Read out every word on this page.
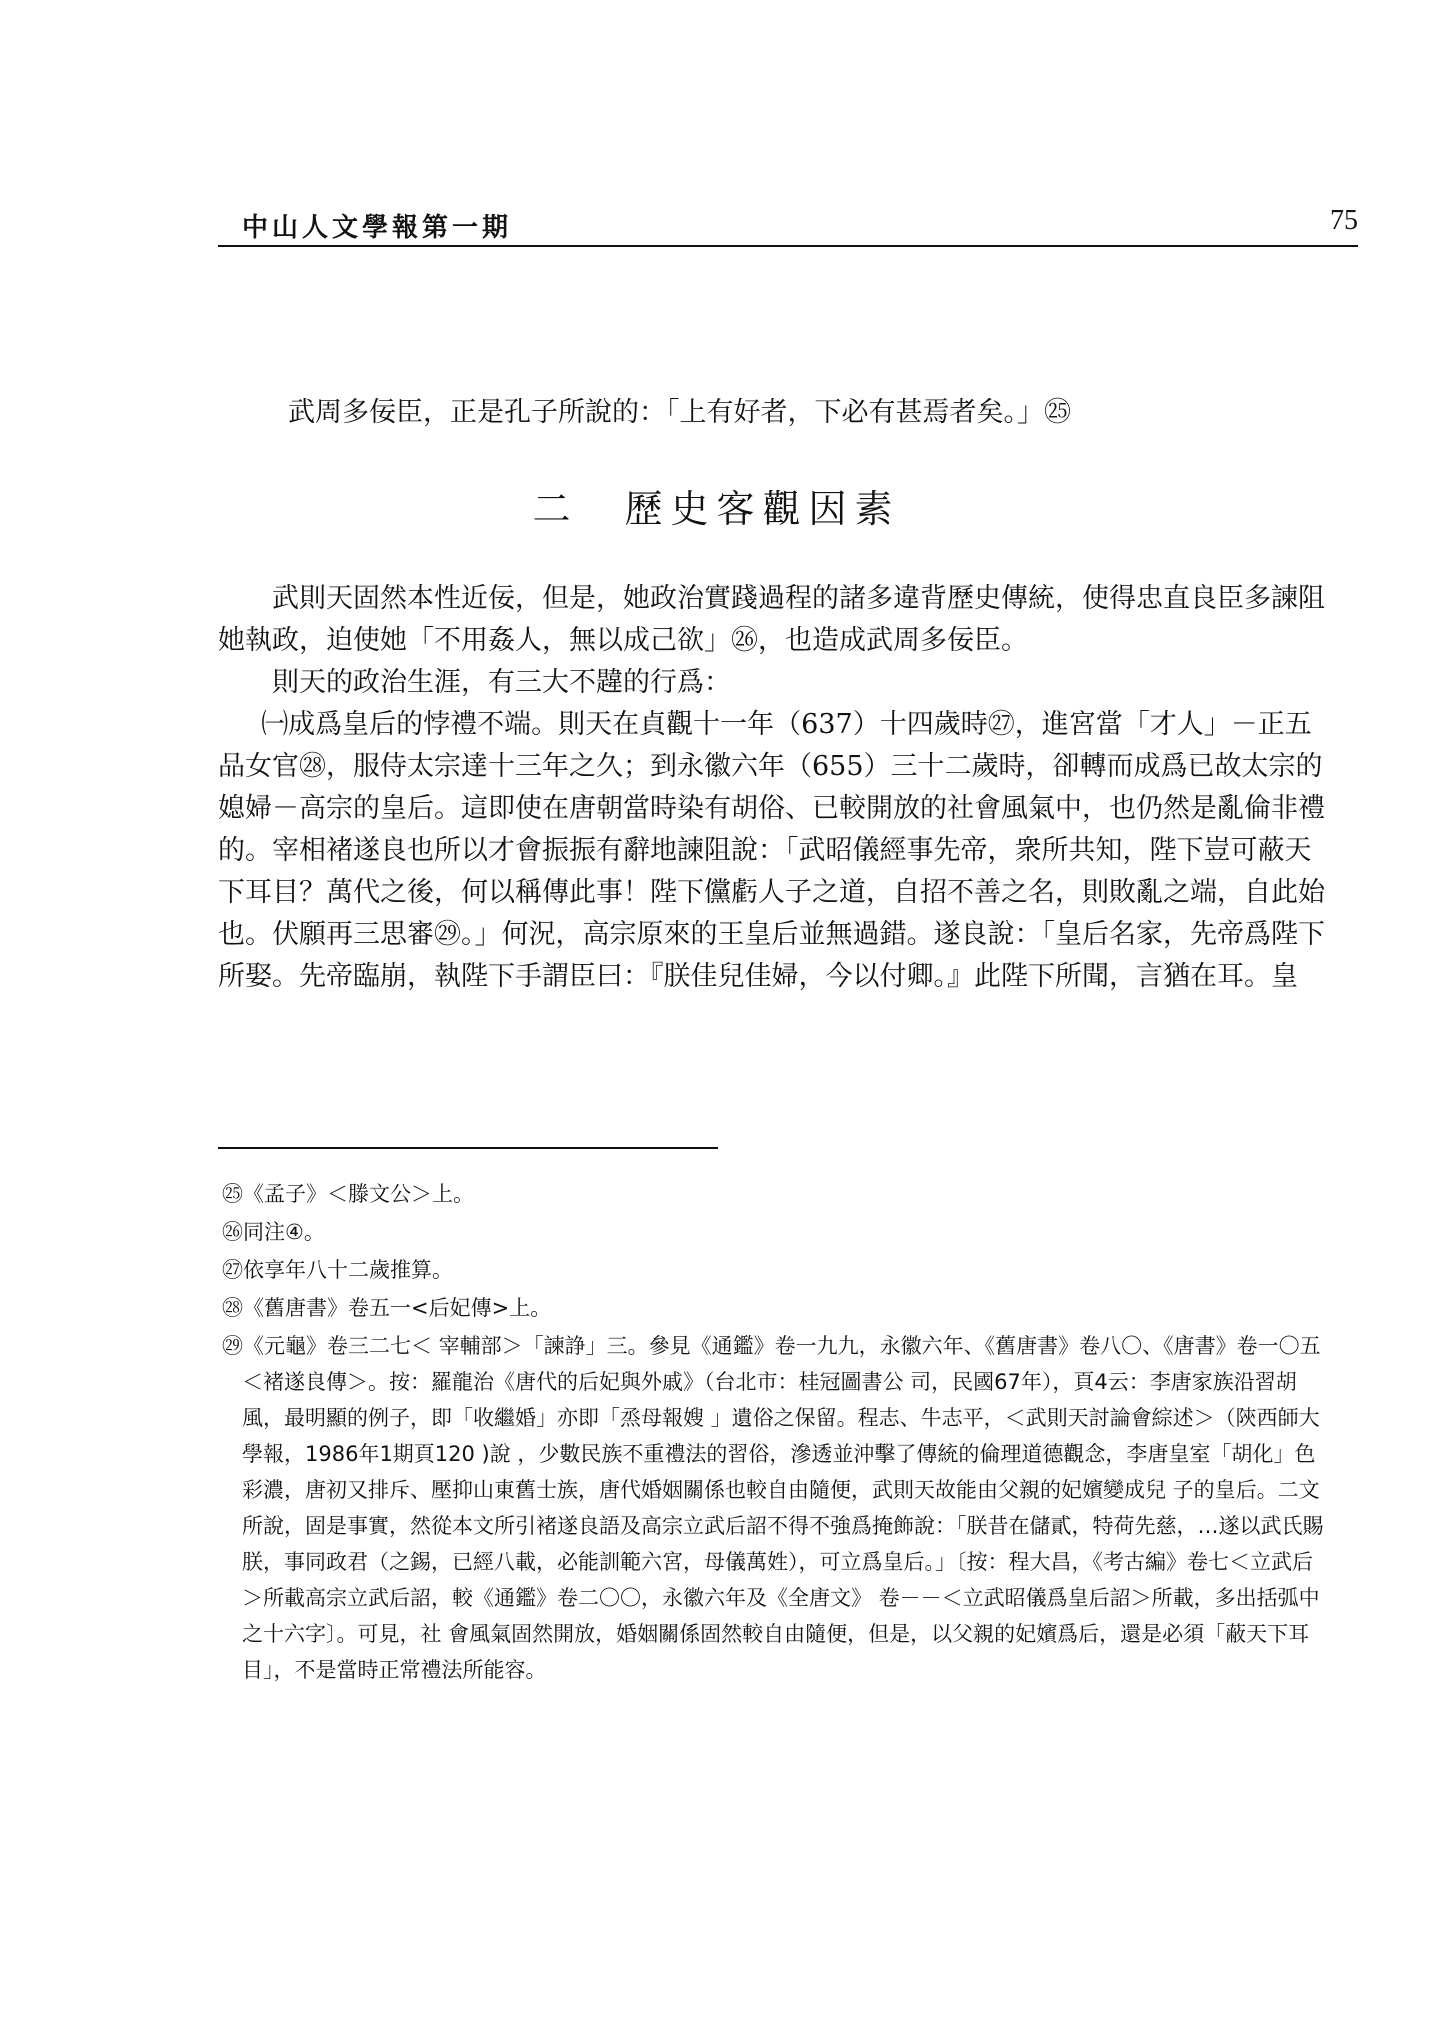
中山人文學報第一期	75
武周多佞臣，正是孔子所說的：「上有好者，下必有甚焉者矣。」㉕
二　歷史客觀因素

武則天固然本性近佞，但是，她政治實踐過程的諸多違背歷史傳統，使得忠直良臣多諫阻她執政，迫使她「不用姦人，無以成己欲」㉖，也造成武周多佞臣。

則天的政治生涯，有三大不韙的行爲：

㈠成爲皇后的悖禮不端。則天在貞觀十一年（637）十四歲時㉗，進宮當「才人」－正五品女官㉘，服侍太宗達十三年之久；到永徽六年（655）三十二歲時，卻轉而成爲已故太宗的媳婦－高宗的皇后。這即使在唐朝當時染有胡俗、已較開放的社會風氣中，也仍然是亂倫非禮的。宰相褚遂良也所以才會振振有辭地諫阻說：「武昭儀經事先帝，衆所共知，陛下豈可蔽天下耳目？萬代之後，何以稱傳此事！陛下儻虧人子之道，自招不善之名，則敗亂之端，自此始也。伏願再三思審㉙。」何況，高宗原來的王皇后並無過錯。遂良說：「皇后名家，先帝爲陛下所娶。先帝臨崩，執陛下手謂臣曰：『朕佳兒佳婦，今以付卿。』此陛下所聞，言猶在耳。皇

㉕《孟子》＜滕文公＞上。
㉖同注④。
㉗依享年八十二歲推算。
㉘《舊唐書》卷五一<后妃傳>上。
㉙《元龜》卷三二七＜ 宰輔部＞「諫諍」三。參見《通鑑》卷一九九，永徽六年、《舊唐書》卷八〇、《唐書》卷一〇五＜褚遂良傳＞。按：羅龍治《唐代的后妃與外戚》（台北市：桂冠圖書公 司，民國67年），頁4云：李唐家族沿習胡風，最明顯的例子，即「收繼婚」亦即「烝母報嫂 」遺俗之保留。程志、牛志平，＜武則天討論會綜述＞（陝西師大學報，1986年1期頁120 )說 ，少數民族不重禮法的習俗，滲透並沖擊了傳統的倫理道德觀念，李唐皇室「胡化」色彩濃，唐初又排斥、壓抑山東舊士族，唐代婚姻關係也較自由隨便，武則天故能由父親的妃嬪變成兒 子的皇后。二文所說，固是事實，然從本文所引褚遂良語及高宗立武后詔不得不強爲掩飾說：「朕昔在儲貳，特荷先慈，…遂以武氏賜朕，事同政君（之錫，已經八載，必能訓範六宮，母儀萬姓），可立爲皇后。」〔按：程大昌，《考古編》卷七＜立武后＞所載高宗立武后詔，較《通鑑》卷二〇〇，永徽六年及《全唐文》 卷－－＜立武昭儀爲皇后詔＞所載，多出括弧中之十六字〕。可見，社 會風氣固然開放，婚姻關係固然較自由隨便，但是，以父親的妃嬪爲后，還是必須「蔽天下耳 目」，不是當時正常禮法所能容。
